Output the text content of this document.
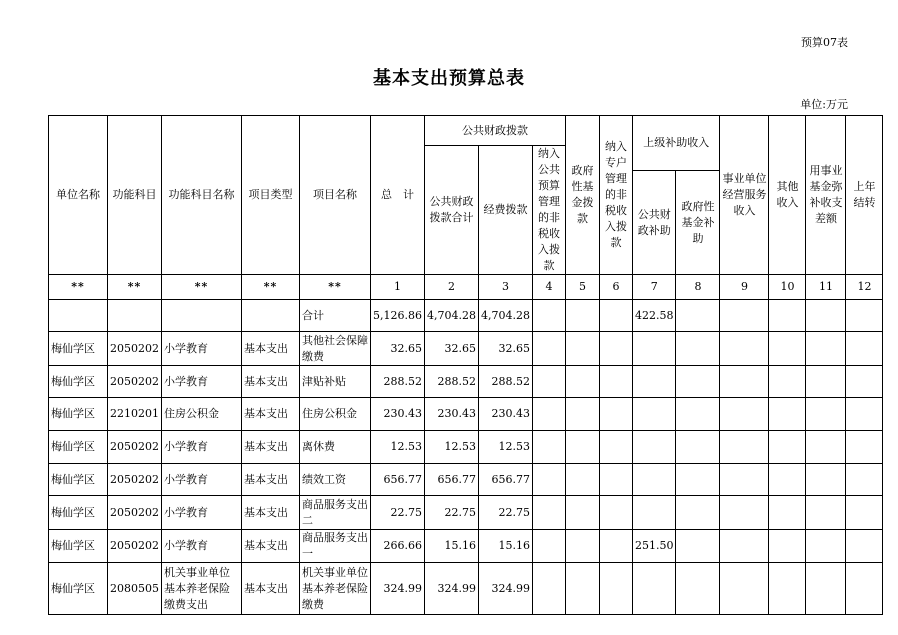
预算07表
基本支出预算总表
单位:万元
单位名称	功能科目	功能科目名称	项目类型	项目名称	总　计	公共财政拨款			政府性基金拨款	纳入专户管理的非税收入拨款	上级补助收入		事业单位经营服务收入	其他收入	用事业基金弥补收支差额	上年结转
						公共财政拨款合计	经费拨款	纳入公共预算管理的非税收入拨款								
											公共财政补助	政府性基金补助				
**	**	**	**	**	1	2	3	4	5	6	7	8	9	10	11	12
				合计	5,126.86	4,704.28	4,704.28				422.58					
梅仙学区	2050202	小学教育	基本支出	其他社会保障缴费	32.65	32.65	32.65									
梅仙学区	2050202	小学教育	基本支出	津贴补贴	288.52	288.52	288.52									
梅仙学区	2210201	住房公积金	基本支出	住房公积金	230.43	230.43	230.43									
梅仙学区	2050202	小学教育	基本支出	离休费	12.53	12.53	12.53									
梅仙学区	2050202	小学教育	基本支出	绩效工资	656.77	656.77	656.77									
梅仙学区	2050202	小学教育	基本支出	商品服务支出二	22.75	22.75	22.75									
梅仙学区	2050202	小学教育	基本支出	商品服务支出一	266.66	15.16	15.16				251.50					
梅仙学区	2080505	机关事业单位基本养老保险缴费支出	基本支出	机关事业单位基本养老保险缴费	324.99	324.99	324.99									
